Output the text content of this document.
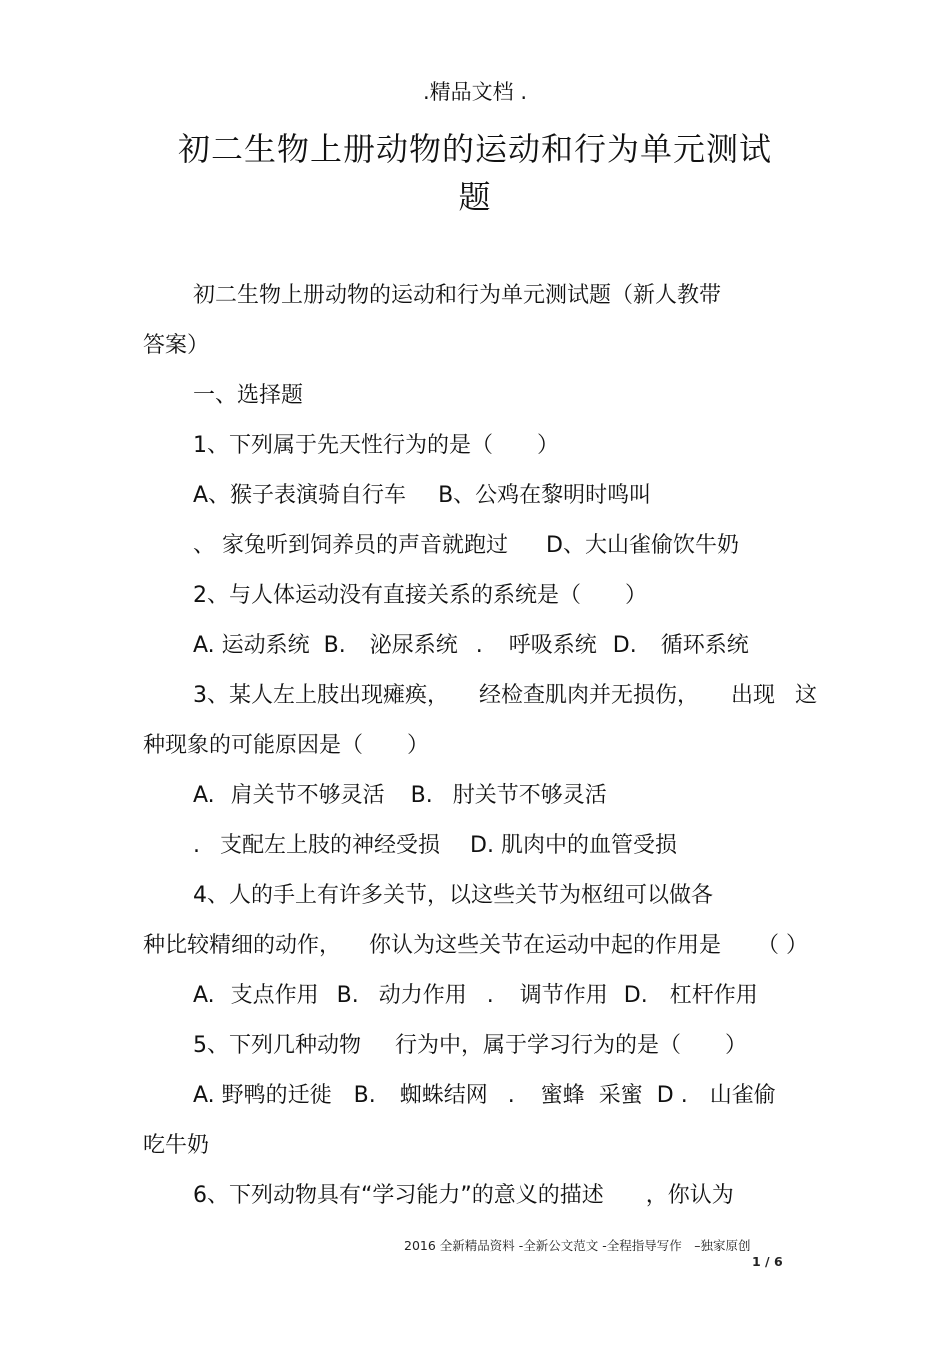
.精品文档 .
初二生物上册动物的运动和行为单元测试
题
初二生物上册动物的运动和行为单元测试题（新人教带
答案）
一、选择题
1、下列属于先天性行为的是（　　）
A、猴子表演骑自行车 B、公鸡在黎明时鸣叫
、 家兔听到饲养员的声音就跑过 D、大山雀偷饮牛奶
2、与人体运动没有直接关系的系统是（　　）
A. 运动系统 B. 泌尿系统 . 呼吸系统 D. 循环系统
3、某人左上肢出现瘫痪， 经检查肌肉并无损伤， 出现 这
种现象的可能原因是（　　）
A. 肩关节不够灵活 B. 肘关节不够灵活
. 支配左上肢的神经受损 D. 肌肉中的血管受损
4、人的手上有许多关节，以这些关节为枢纽可以做各
种比较精细的动作， 你认为这些关节在运动中起的作用是 （ ）
A. 支点作用 B. 动力作用 . 调节作用 D. 杠杆作用
5、下列几种动物 行为中，属于学习行为的是（　　）
A. 野鸭的迁徙 B. 蜘蛛结网 . 蜜蜂 采蜜 D . 山雀偷
吃牛奶
6、下列动物具有“学习能力”的意义的描述 ，你认为
2016 全新精品资料 -全新公文范文 -全程指导写作　–独家原创
1 / 6
